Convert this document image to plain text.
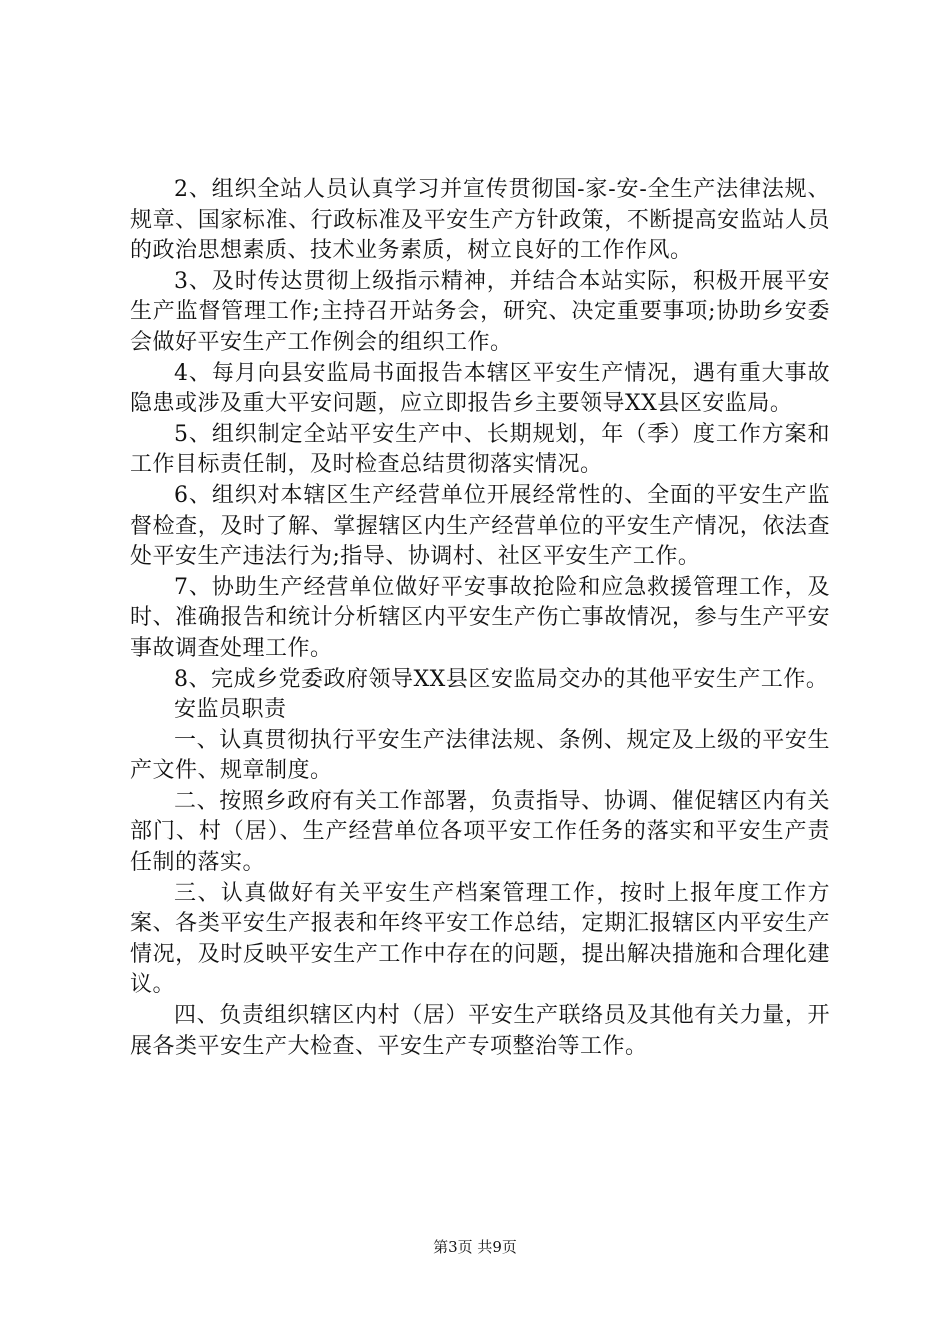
2、组织全站人员认真学习并宣传贯彻国-家-安-全生产法律法规、规章、国家标准、行政标准及平安生产方针政策，不断提高安监站人员的政治思想素质、技术业务素质，树立良好的工作作风。

3、及时传达贯彻上级指示精神，并结合本站实际，积极开展平安生产监督管理工作;主持召开站务会，研究、决定重要事项;协助乡安委会做好平安生产工作例会的组织工作。

4、每月向县安监局书面报告本辖区平安生产情况，遇有重大事故隐患或涉及重大平安问题，应立即报告乡主要领导XX县区安监局。

5、组织制定全站平安生产中、长期规划，年（季）度工作方案和工作目标责任制，及时检查总结贯彻落实情况。

6、组织对本辖区生产经营单位开展经常性的、全面的平安生产监督检查，及时了解、掌握辖区内生产经营单位的平安生产情况，依法查处平安生产违法行为;指导、协调村、社区平安生产工作。

7、协助生产经营单位做好平安事故抢险和应急救援管理工作，及时、准确报告和统计分析辖区内平安生产伤亡事故情况，参与生产平安事故调查处理工作。

8、完成乡党委政府领导XX县区安监局交办的其他平安生产工作。

安监员职责

一、认真贯彻执行平安生产法律法规、条例、规定及上级的平安生产文件、规章制度。

二、按照乡政府有关工作部署，负责指导、协调、催促辖区内有关部门、村（居）、生产经营单位各项平安工作任务的落实和平安生产责任制的落实。

三、认真做好有关平安生产档案管理工作，按时上报年度工作方案、各类平安生产报表和年终平安工作总结，定期汇报辖区内平安生产情况，及时反映平安生产工作中存在的问题，提出解决措施和合理化建议。

四、负责组织辖区内村（居）平安生产联络员及其他有关力量，开展各类平安生产大检查、平安生产专项整治等工作。

第3页 共9页
